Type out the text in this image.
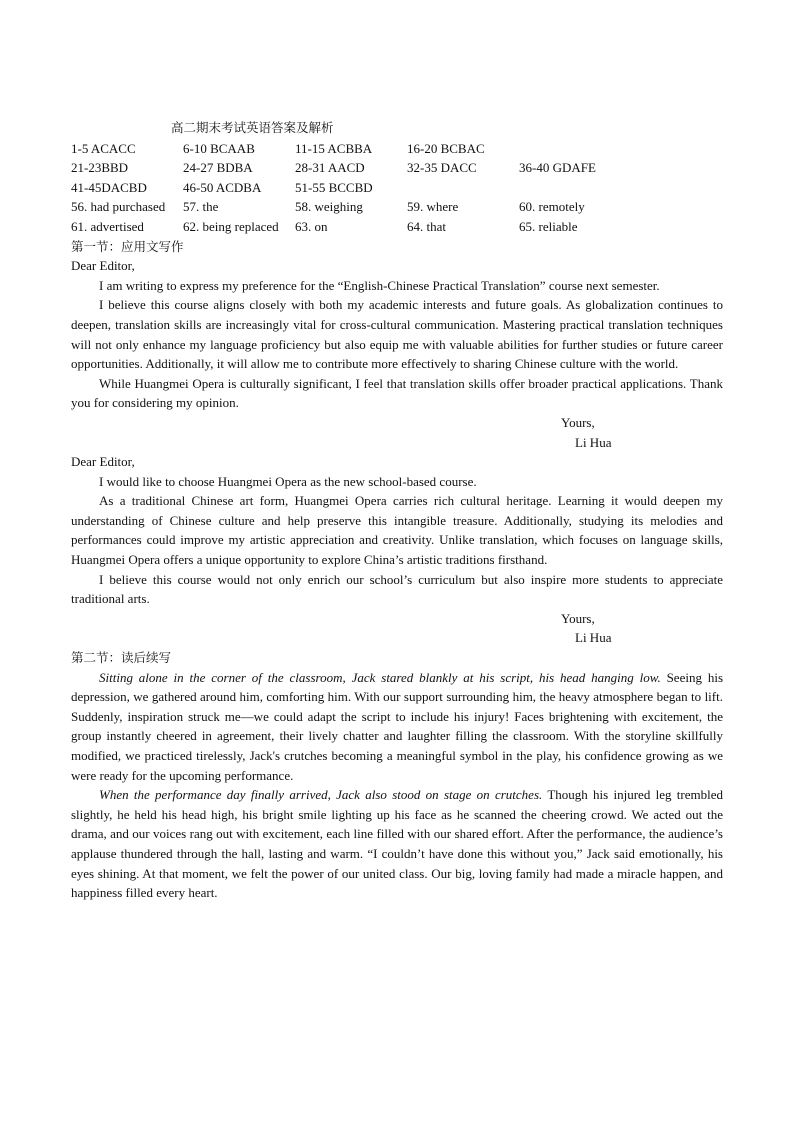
高二期末考试英语答案及解析
1-5 ACACC	6-10 BCAAB	11-15 ACBBA	16-20 BCBAC
21-23BBD	24-27 BDBA	28-31 AACD	32-35 DACC	36-40 GDAFE
41-45DACBD	46-50 ACDBA	51-55 BCCBD
56. had purchased	57. the	58. weighing	59. where	60. remotely
61. advertised	62. being replaced	63. on	64. that	65. reliable
第一节：应用文写作

Dear Editor,

I am writing to express my preference for the “English-Chinese Practical Translation” course next semester.

I believe this course aligns closely with both my academic interests and future goals. As globalization continues to deepen, translation skills are increasingly vital for cross-cultural communication. Mastering practical translation techniques will not only enhance my language proficiency but also equip me with valuable abilities for further studies or future career opportunities. Additionally, it will allow me to contribute more effectively to sharing Chinese culture with the world.

While Huangmei Opera is culturally significant, I feel that translation skills offer broader practical applications. Thank you for considering my opinion.

Yours,

Li Hua

Dear Editor,

I would like to choose Huangmei Opera as the new school-based course.

As a traditional Chinese art form, Huangmei Opera carries rich cultural heritage. Learning it would deepen my understanding of Chinese culture and help preserve this intangible treasure. Additionally, studying its melodies and performances could improve my artistic appreciation and creativity. Unlike translation, which focuses on language skills, Huangmei Opera offers a unique opportunity to explore China’s artistic traditions firsthand.

I believe this course would not only enrich our school’s curriculum but also inspire more students to appreciate traditional arts.

Yours,

Li Hua

第二节：读后续写

Sitting alone in the corner of the classroom, Jack stared blankly at his script, his head hanging low. Seeing his depression, we gathered around him, comforting him. With our support surrounding him, the heavy atmosphere began to lift. Suddenly, inspiration struck me—we could adapt the script to include his injury! Faces brightening with excitement, the group instantly cheered in agreement, their lively chatter and laughter filling the classroom. With the storyline skillfully modified, we practiced tirelessly, Jack's crutches becoming a meaningful symbol in the play, his confidence growing as we were ready for the upcoming performance.

When the performance day finally arrived, Jack also stood on stage on crutches. Though his injured leg trembled slightly, he held his head high, his bright smile lighting up his face as he scanned the cheering crowd. We acted out the drama, and our voices rang out with excitement, each line filled with our shared effort. After the performance, the audience’s applause thundered through the hall, lasting and warm. “I couldn’t have done this without you,” Jack said emotionally, his eyes shining. At that moment, we felt the power of our united class. Our big, loving family had made a miracle happen, and happiness filled every heart.
